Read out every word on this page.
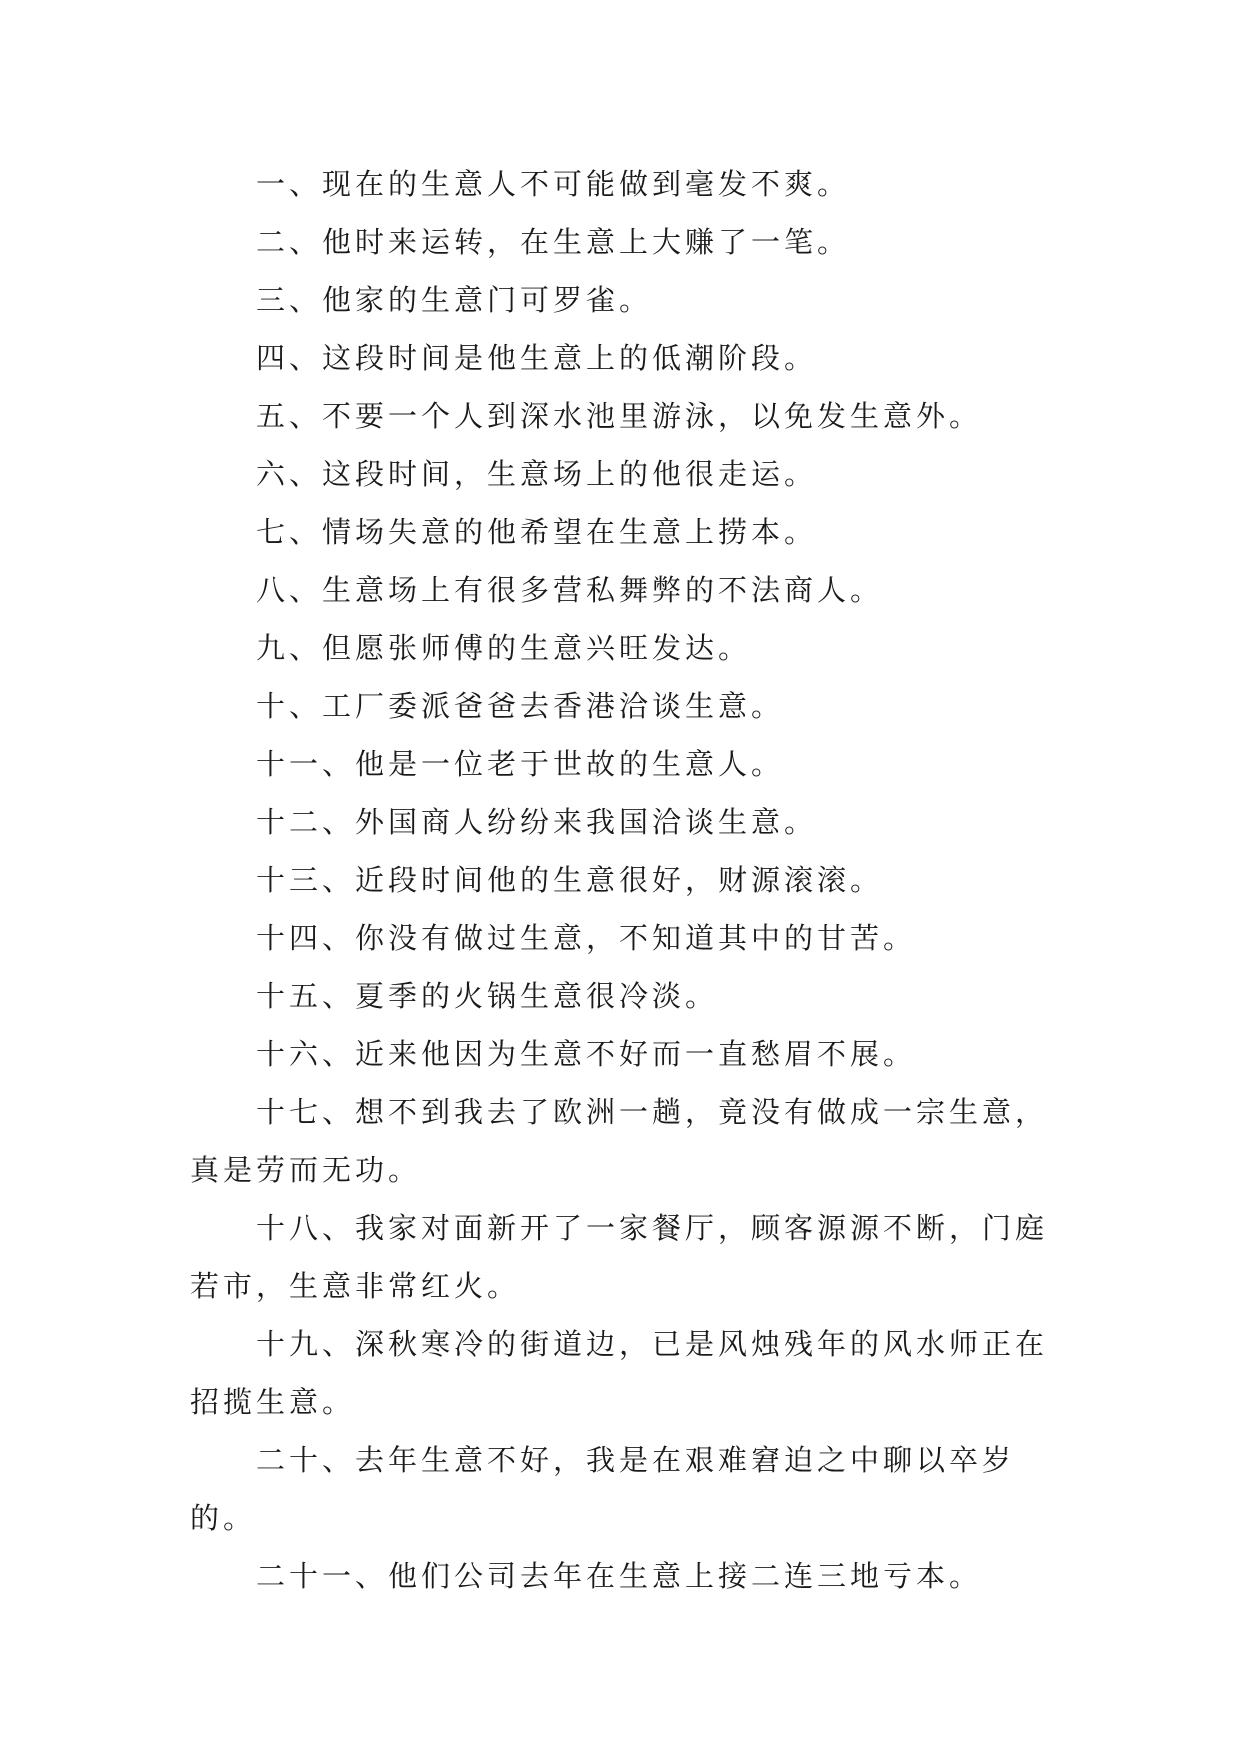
一、现在的生意人不可能做到毫发不爽。

二、他时来运转，在生意上大赚了一笔。

三、他家的生意门可罗雀。

四、这段时间是他生意上的低潮阶段。

五、不要一个人到深水池里游泳，以免发生意外。

六、这段时间，生意场上的他很走运。

七、情场失意的他希望在生意上捞本。

八、生意场上有很多营私舞弊的不法商人。

九、但愿张师傅的生意兴旺发达。

十、工厂委派爸爸去香港洽谈生意。

十一、他是一位老于世故的生意人。

十二、外国商人纷纷来我国洽谈生意。

十三、近段时间他的生意很好，财源滚滚。

十四、你没有做过生意，不知道其中的甘苦。

十五、夏季的火锅生意很冷淡。

十六、近来他因为生意不好而一直愁眉不展。

十七、想不到我去了欧洲一趟，竟没有做成一宗生意，真是劳而无功。

十八、我家对面新开了一家餐厅，顾客源源不断，门庭若市，生意非常红火。

十九、深秋寒冷的街道边，已是风烛残年的风水师正在招揽生意。

二十、去年生意不好，我是在艰难窘迫之中聊以卒岁的。

二十一、他们公司去年在生意上接二连三地亏本。
